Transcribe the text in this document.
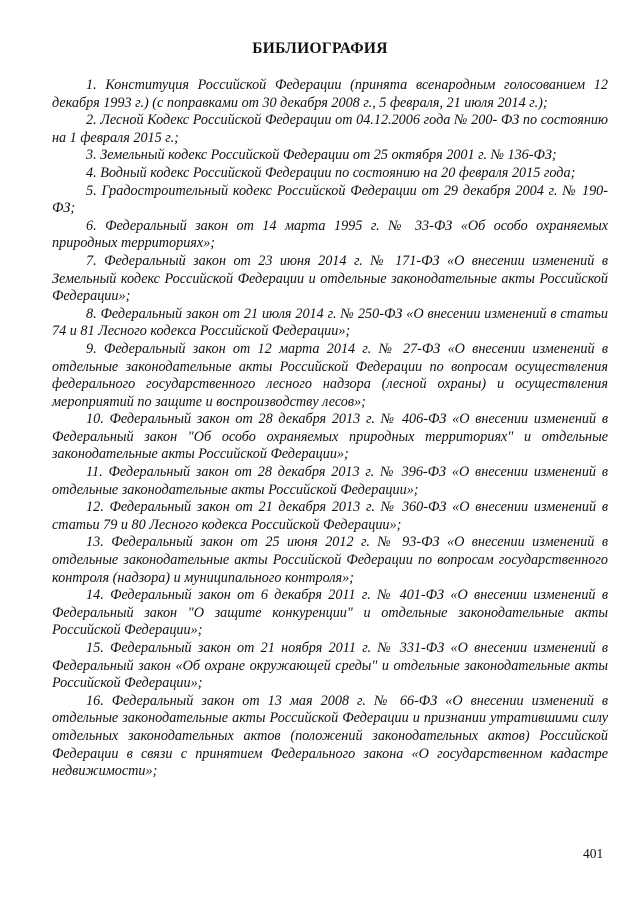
БИБЛИОГРАФИЯ

1. Конституция Российской Федерации (принята всенародным голосованием 12 декабря 1993 г.) (с поправками от 30 декабря 2008 г., 5 февраля, 21 июля 2014 г.);

2. Лесной Кодекс Российской Федерации от 04.12.2006 года № 200- ФЗ по состоянию на 1 февраля 2015 г.;

3. Земельный кодекс Российской Федерации от 25 октября 2001 г. № 136-ФЗ;

4. Водный кодекс Российской Федерации по состоянию на 20 февраля 2015 года;

5. Градостроительный кодекс Российской Федерации от 29 декабря 2004 г. № 190-ФЗ;

6. Федеральный закон от 14 марта 1995 г. № 33-ФЗ «Об особо охраняемых природных территориях»;

7. Федеральный закон от 23 июня 2014 г. № 171-ФЗ «О внесении изменений в Земельный кодекс Российской Федерации и отдельные законодательные акты Российской Федерации»;

8. Федеральный закон от 21 июля 2014 г. № 250-ФЗ «О внесении изменений в статьи 74 и 81 Лесного кодекса Российской Федерации»;

9. Федеральный закон от 12 марта 2014 г. № 27-ФЗ «О внесении изменений в отдельные законодательные акты Российской Федерации по вопросам осуществления федерального государственного лесного надзора (лесной охраны) и осуществления мероприятий по защите и воспроизводству лесов»;

10. Федеральный закон от 28 декабря 2013 г. № 406-ФЗ «О внесении изменений в Федеральный закон "Об особо охраняемых природных территориях" и отдельные законодательные акты Российской Федерации»;

11. Федеральный закон от 28 декабря 2013 г. № 396-ФЗ «О внесении изменений в отдельные законодательные акты Российской Федерации»;

12. Федеральный закон от 21 декабря 2013 г. № 360-ФЗ «О внесении изменений в статьи 79 и 80 Лесного кодекса Российской Федерации»;

13. Федеральный закон от 25 июня 2012 г. № 93-ФЗ «О внесении изменений в отдельные законодательные акты Российской Федерации по вопросам государственного контроля (надзора) и муниципального контроля»;

14. Федеральный закон от 6 декабря 2011 г. № 401-ФЗ «О внесении изменений в Федеральный закон "О защите конкуренции" и отдельные законодательные акты Российской Федерации»;

15. Федеральный закон от 21 ноября 2011 г. № 331-ФЗ «О внесении изменений в Федеральный закон «Об охране окружающей среды" и отдельные законодательные акты Российской Федерации»;

16. Федеральный закон от 13 мая 2008 г. № 66-ФЗ «О внесении изменений в отдельные законодательные акты Российской Федерации и признании утратившими силу отдельных законодательных актов (положений законодательных актов) Российской Федерации в связи с принятием Федерального закона «О государственном кадастре недвижимости»;

401
